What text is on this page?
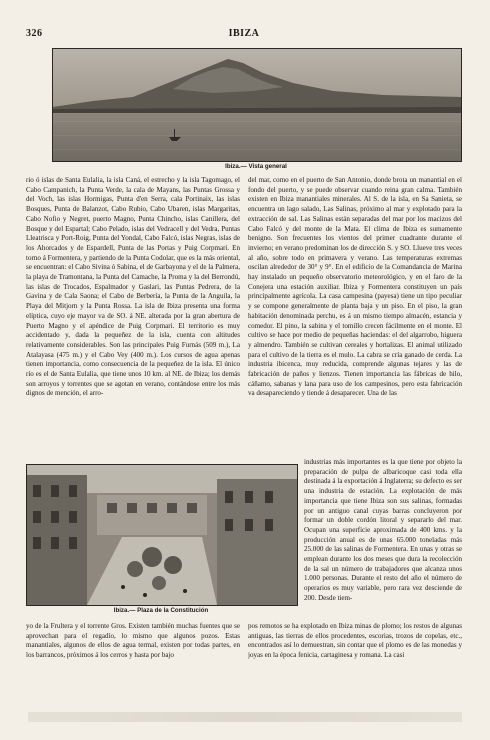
326	IBIZA
Ibiza.— Vista general

rio ó islas de Santa Eulalia, la isla Caná, el estrecho y la isla Tagomago, el Cabo Campanich, la Punta Verde, la cala de Mayans, las Puntas Grossa y del Voch, las islas Hormigas, Punta d'en Serra, cala Portinaix, las islas Bosques, Punta de Balanzot, Cabo Rubio, Cabo Ubaren, islas Margaritas, Cabo Nofio y Negret, puerto Magno, Punta Chincho, islas Canillera, del Bosque y del Espartal; Cabo Pelado, islas del Vedracell y del Vedra, Puntas Lleatrisca y Port-Roig, Punta del Yondal, Cabo Falcó, islas Negras, islas de los Ahorcados y de Espardell, Punta de las Portas y Puig Corpmari. En torno á Formentera, y partiendo de la Punta Codolar, que es la más oriental, se encuentran: el Cabo Sivina ó Sabina, el de Garbayona y el de la Palmera, la playa de Tramontana, la Punta del Camache, la Proma y la del Berrondú, las islas de Trocados, Espalmador y Gaslari, las Puntas Pedrera, de la Gavina y de Cala Saona; el Cabo de Berbería, la Punta de la Anguila, la Playa del Mitjorn y la Punta Rossa. La isla de Ibiza presenta una forma elíptica, cuyo eje mayor va de SO. á NE. alterada por la gran abertura de Puerto Magno y el apéndice de Puig Corpmari. El territorio es muy accidentado y, dada la pequeñez de la isla, cuenta con altitudes relativamente considerables. Son las principales Puig Furnás (509 m.), La Atalayasa (475 m.) y el Cabo Vey (400 m.). Los cursos de agua apenas tienen importancia, como consecuencia de la pequeñez de la isla. El único río es el de Santa Eulalia, que tiene unos 10 km. al NE. de Ibiza; los demás son arroyos y torrentes que se agotan en verano, contándose entre los más dignos de mención, el arro-

del mar, como en el puerto de San Antonio, donde brota un manantial en el fondo del puerto, y se puede observar cuando reina gran calma. También existen en Ibiza manantiales minerales. Al S. de la isla, en Sa Sanieta, se encuentra un lago salado, Las Salinas, próximo al mar y explotado para la extracción de sal. Las Salinas están separadas del mar por los macizos del Cabo Falcó y del monte de la Mata. El clima de Ibiza es sumamente benigno. Son frecuentes los vientos del primer cuadrante durante el invierno; en verano predominan los de dirección S. y SO. Llueve tres veces al año, sobre todo en primavera y verano. Las temperaturas extremas oscilan alrededor de 30° y 9°. En el edificio de la Comandancia de Marina hay instalado un pequeño observatorio meteorológico, y en el faro de la Conejera una estación auxiliar. Ibiza y Formentera constituyen un país principalmente agrícola. La casa campesina (payesa) tiene un tipo peculiar y se compone generalmente de planta baja y un piso. En el piso, la gran habitación denominada perchu, es á un mismo tiempo almacén, estancia y comedor. El pino, la sabina y el tomillo crecen fácilmente en el monte. El cultivo se hace por medio de pequeñas haciendas: el del algarrobo, higuera y almendro. También se cultivan cereales y hortalizas. El animal utilizado para el cultivo de la tierra es el mulo. La cabra se cría ganado de cerda. La industria ibicenca, muy reducida, comprende algunas tejares y las de fabricación de paños y lienzos. Tienen importancia las fábricas de hilo, cáñamo, sabanas y lana para uso de los campesinos, pero esta fabricación va desapareciendo y tiende á desaparecer. Una de las

Ibiza.— Plaza de la Constitución

industrias más importantes es la que tiene por objeto la preparación de pulpa de albaricoque casi toda ella destinada á la exportación á Inglaterra; su defecto es ser una industria de estación. La explotación de más importancia que tiene Ibiza son sus salinas, formadas por un antiguo canal cuyas barras concluyeron por formar un doble cordón litoral y separarlo del mar. Ocupan una superficie aproximada de 400 kms. y la producción anual es de unas 65.000 toneladas más 25.000 de las salinas de Formentera. En unas y otras se emplean durante los dos meses que dura la recolección de la sal un número de trabajadores que alcanza unos 1.000 personas. Durante el resto del año el número de operarios es muy variable, pero rara vez desciende de 200. Desde tiem-

yo de la Frultera y el torrente Gros. Existen también muchas fuentes que se aprovechan para el regadío, lo mismo que algunos pozos. Estas manantiales, algunos de ellos de agua termal, existen por todas partes, en los barrancos, próximos á los cerros y hasta por bajo

pos remotos se ha explotado en Ibiza minas de plomo; los restos de algunas antiguas, las tierras de ellos procedentes, escorias, trozos de copelas, etc., encontrados así lo demuestran, sin contar que el plomo es de las monedas y joyas en la época fenicia, cartaginesa y romana. La casi
